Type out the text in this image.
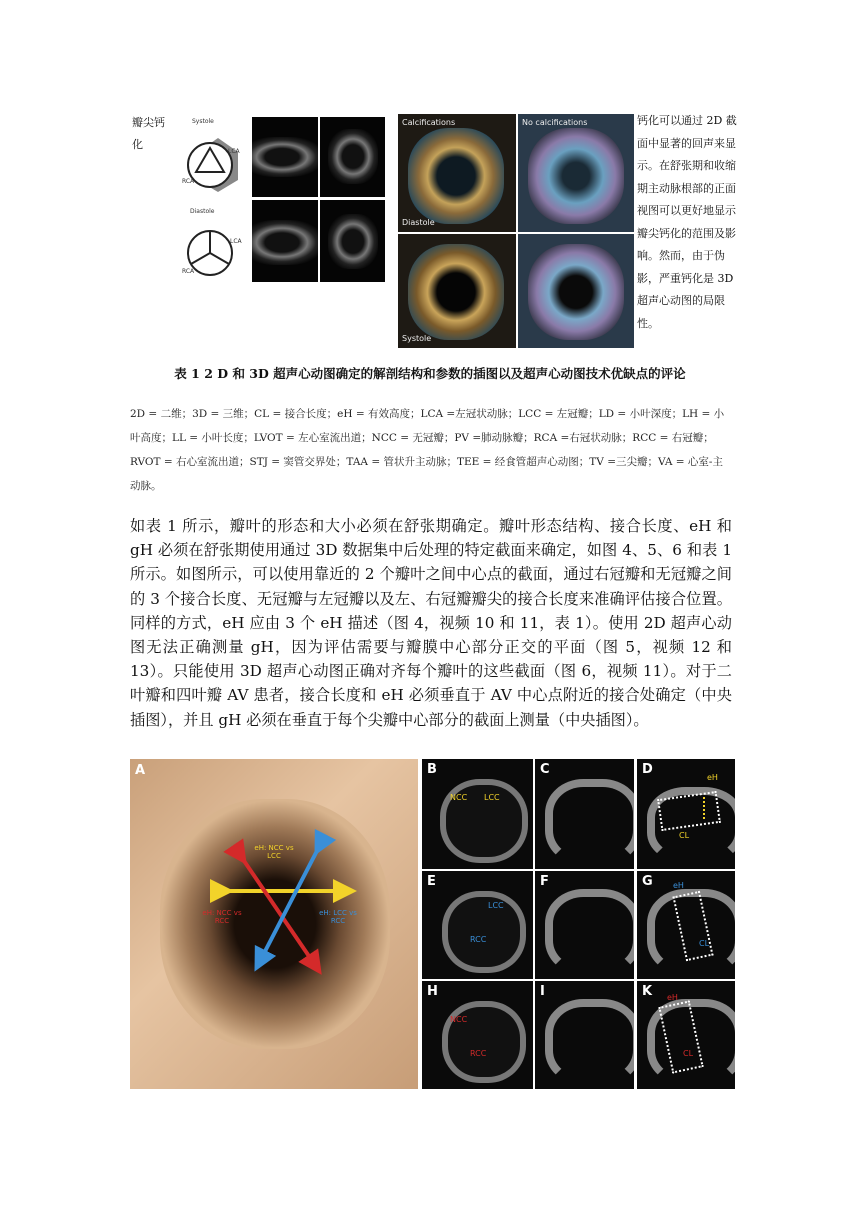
瓣尖钙化
钙化可以通过 2D 截面中显著的回声来显示。在舒张期和收缩期主动脉根部的正面视图可以更好地显示瓣尖钙化的范围及影响。然而，由于伪影，严重钙化是 3D 超声心动图的局限性。
Systole
LCA
RCA
Diastole
LCA
RCA
Calcifications
Diastole
No calcifications
Systole
表 1 2 D 和 3D 超声心动图确定的解剖结构和参数的插图以及超声心动图技术优缺点的评论
2D = 二维；3D = 三维；CL = 接合长度；eH = 有效高度；LCA =左冠状动脉；LCC = 左冠瓣；LD = 小叶深度；LH = 小叶高度；LL = 小叶长度；LVOT = 左心室流出道；NCC = 无冠瓣；PV =肺动脉瓣；RCA =右冠状动脉；RCC = 右冠瓣；RVOT = 右心室流出道；STJ = 窦管交界处；TAA = 管状升主动脉；TEE = 经食管超声心动图；TV =三尖瓣；VA = 心室-主动脉。
如表 1 所示，瓣叶的形态和大小必须在舒张期确定。瓣叶形态结构、接合长度、eH 和 gH 必须在舒张期使用通过 3D 数据集中后处理的特定截面来确定，如图 4、5、6 和表 1 所示。如图所示，可以使用靠近的 2 个瓣叶之间中心点的截面，通过右冠瓣和无冠瓣之间的 3 个接合长度、无冠瓣与左冠瓣以及左、右冠瓣瓣尖的接合长度来准确评估接合位置。同样的方式，eH 应由 3 个 eH 描述（图 4，视频 10 和 11，表 1）。使用 2D 超声心动图无法正确测量 gH，因为评估需要与瓣膜中心部分正交的平面（图 5，视频 12 和 13）。只能使用 3D 超声心动图正确对齐每个瓣叶的这些截面（图 6，视频 11）。对于二叶瓣和四叶瓣 AV 患者，接合长度和 eH 必须垂直于 AV 中心点附近的接合处确定（中央插图），并且 gH 必须在垂直于每个尖瓣中心部分的截面上测量（中央插图）。
A
eH: NCC vs LCC
eH: NCC vs RCC
eH: LCC vs RCC
B
NCC LCC
C	D
eH
CL
E
LCC
RCC
F	G	eH
CL
H
NCC
RCC
I	K eH
CL
